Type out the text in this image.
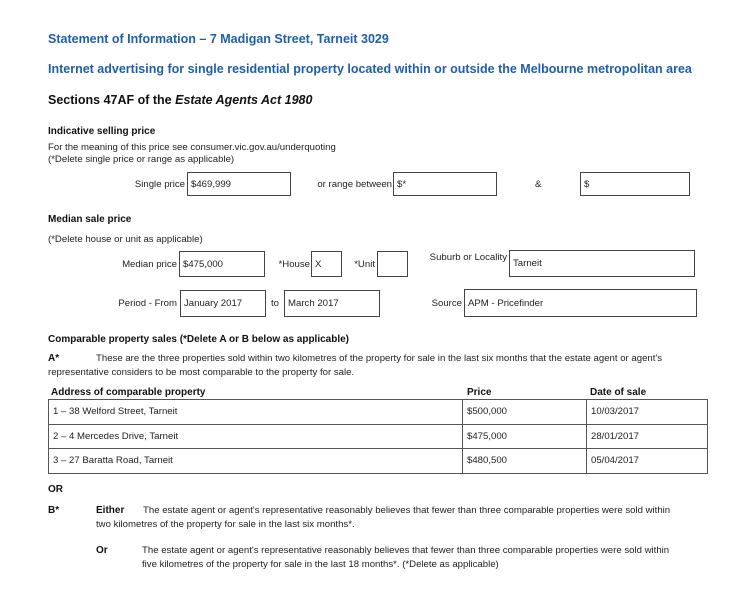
Statement of Information – 7 Madigan Street, Tarneit 3029
Internet advertising for single residential property located within or outside the Melbourne metropolitan area
Sections 47AF of the Estate Agents Act 1980
Indicative selling price
For the meaning of this price see consumer.vic.gov.au/underquoting
(*Delete single price or range as applicable)
Single price $469,999	or range between $*	&	$
Median sale price
(*Delete house or unit as applicable)
Median price $475,000	*House X	*Unit
Suburb or Locality
Tarneit
Period - From January 2017	to March 2017	Source APM - Pricefinder
Comparable property sales (*Delete A or B below as applicable)
A*	These are the three properties sold within two kilometres of the property for sale in the last six months that the estate agent or agent's
representative considers to be most comparable to the property for sale.
Address of comparable property	Price	Date of sale
1 – 38 Welford Street, Tarneit	$500,000	10/03/2017
2 – 4 Mercedes Drive, Tarneit	$475,000	28/01/2017
3 – 27 Baratta Road, Tarneit	$480,500	05/04/2017
OR
B*	Either The estate agent or agent's representative reasonably believes that fewer than three comparable properties were sold within
two kilometres of the property for sale in the last six months*.
Or	The estate agent or agent's representative reasonably believes that fewer than three comparable properties were sold within
five kilometres of the property for sale in the last 18 months*. (*Delete as applicable)
